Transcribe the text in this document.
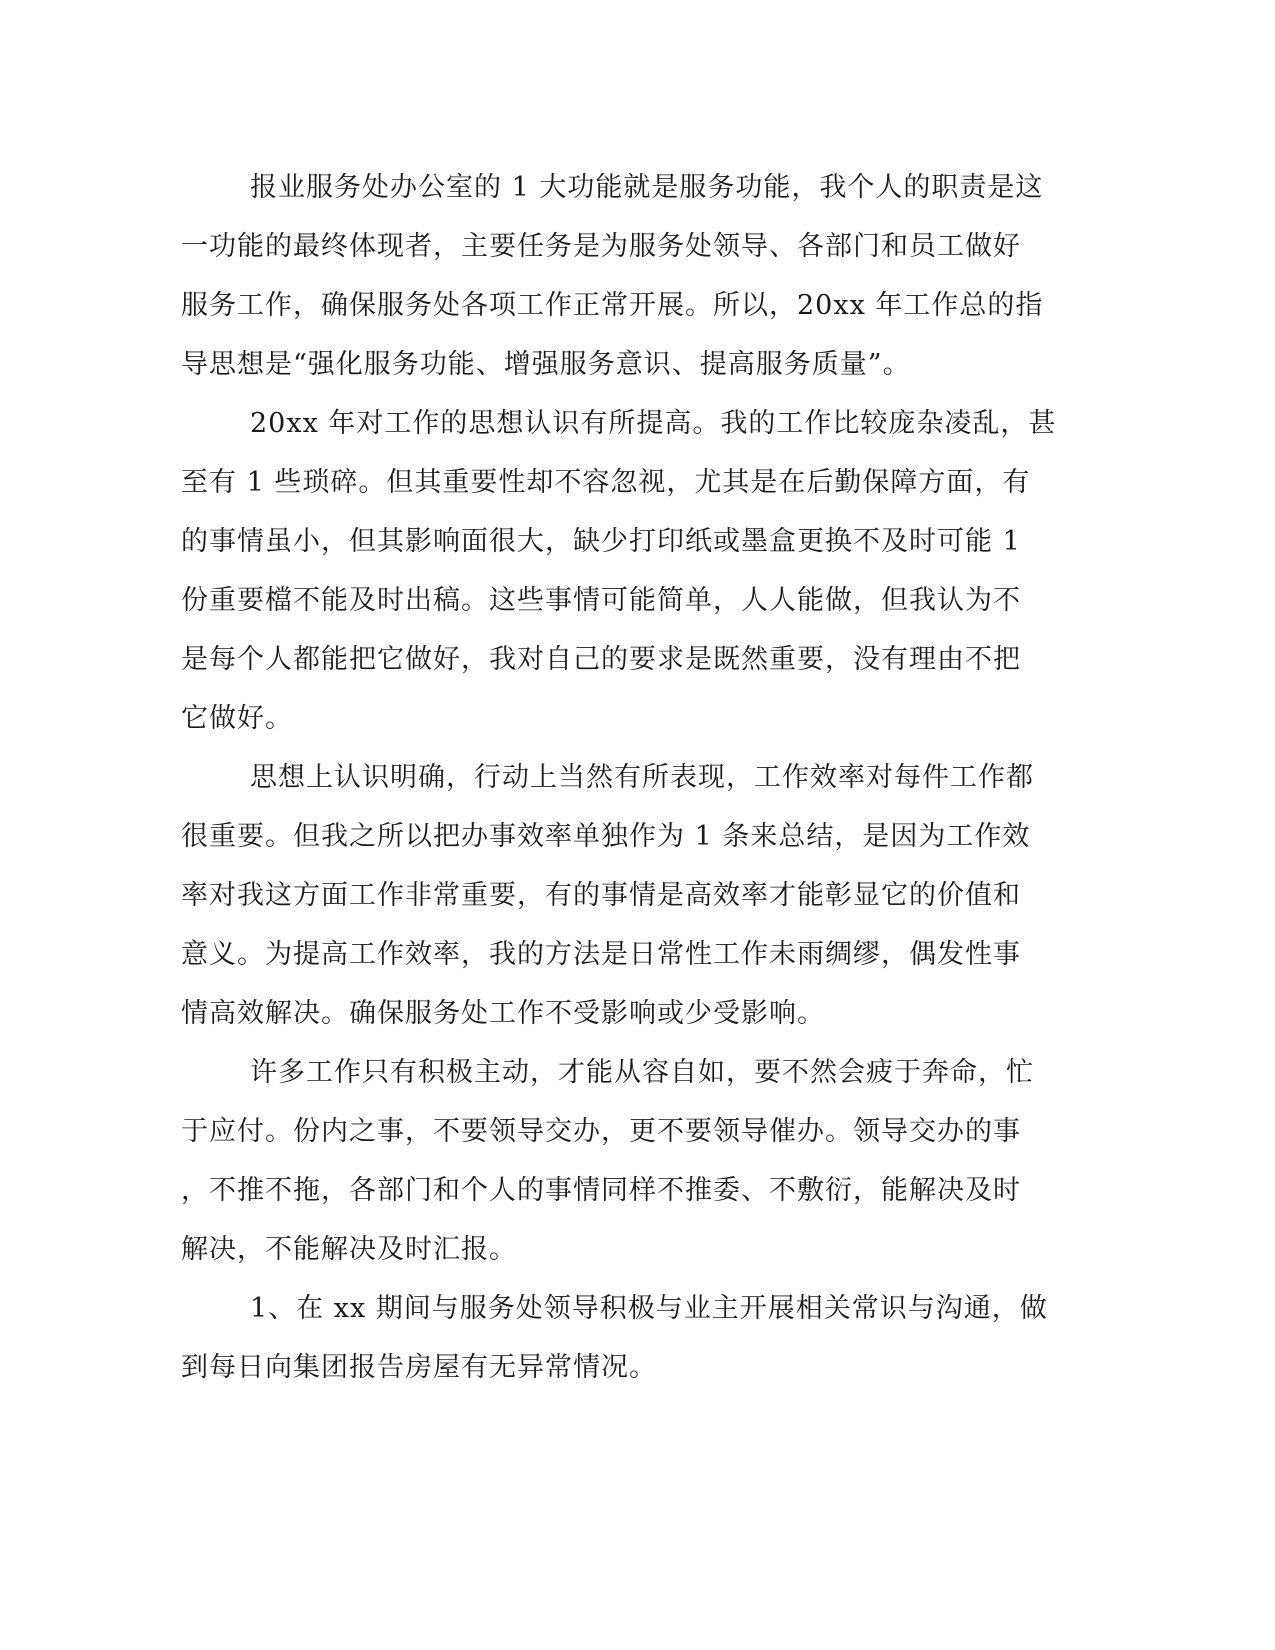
报业服务处办公室的 1 大功能就是服务功能，我个人的职责是这
一功能的最终体现者，主要任务是为服务处领导、各部门和员工做好
服务工作，确保服务处各项工作正常开展。所以，20xx 年工作总的指
导思想是“强化服务功能、增强服务意识、提高服务质量”。
20xx 年对工作的思想认识有所提高。我的工作比较庞杂凌乱，甚
至有 1 些琐碎。但其重要性却不容忽视，尤其是在后勤保障方面，有
的事情虽小，但其影响面很大，缺少打印纸或墨盒更换不及时可能 1
份重要檔不能及时出稿。这些事情可能简单，人人能做，但我认为不
是每个人都能把它做好，我对自己的要求是既然重要，没有理由不把
它做好。
思想上认识明确，行动上当然有所表现，工作效率对每件工作都
很重要。但我之所以把办事效率单独作为 1 条来总结，是因为工作效
率对我这方面工作非常重要，有的事情是高效率才能彰显它的价值和
意义。为提高工作效率，我的方法是日常性工作未雨绸缪，偶发性事
情高效解决。确保服务处工作不受影响或少受影响。
许多工作只有积极主动，才能从容自如，要不然会疲于奔命，忙
于应付。份内之事，不要领导交办，更不要领导催办。领导交办的事
，不推不拖，各部门和个人的事情同样不推委、不敷衍，能解决及时
解决，不能解决及时汇报。
1、在 xx 期间与服务处领导积极与业主开展相关常识与沟通，做
到每日向集团报告房屋有无异常情况。
